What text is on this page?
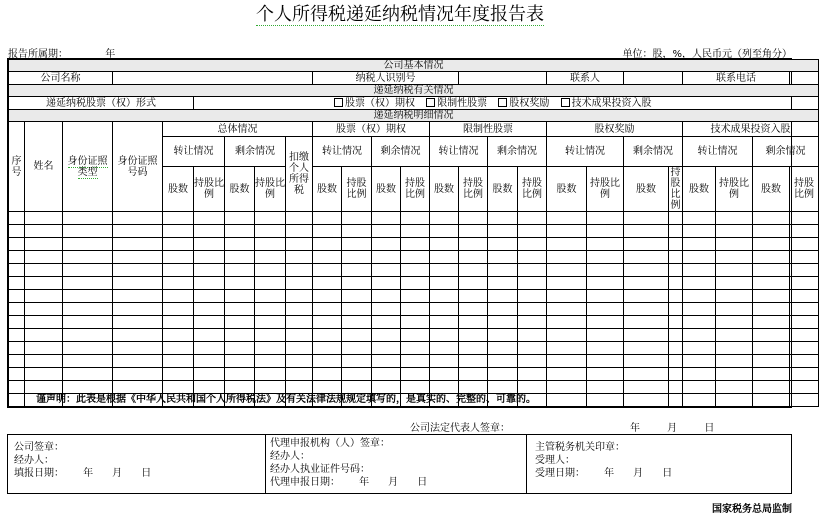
个人所得税递延纳税情况年度报告表
报告所属期：	年	单位：股，%，人民币元（列至角分）
公司基本情况																								
公司名称									纳税人识别号								联系人				联系电话			
递延纳税有关情况																								
递延纳税股票（权）形式					股票（权）期权 限制性股票 股权奖励 技术成果投资入股																			
递延纳税明细情况																								
序号	姓名	身份证照类型	身份证照号码	总体情况					股票（权）期权				限制性股票				股权奖励				技术成果投资入股			
				转让情况		剩余情况		扣缴个人所得税	转让情况		剩余情况		转让情况		剩余情况		转让情况		剩余情况		转让情况		剩余情况	
				股数	持股比例	股数	持股比例		股数	持股比例	股数	持股比例	股数	持股比例	股数	持股比例	股数	持股比例	股数	持股比例	股数	持股比例	股数	持股比例

谨声明：此表是根据《中华人民共和国个人所得税法》及有关法律法规规定填写的，是真实的、完整的、可靠的。
公司法定代表人签章：	年 月 日
公司签章：
经办人：
填报日期：      年      月      日
代理申报机构（人）签章：
经办人：
经办人执业证件号码：
代理申报日期：      年      月      日
主管税务机关印章：
受理人：
受理日期：      年      月      日
国家税务总局监制
